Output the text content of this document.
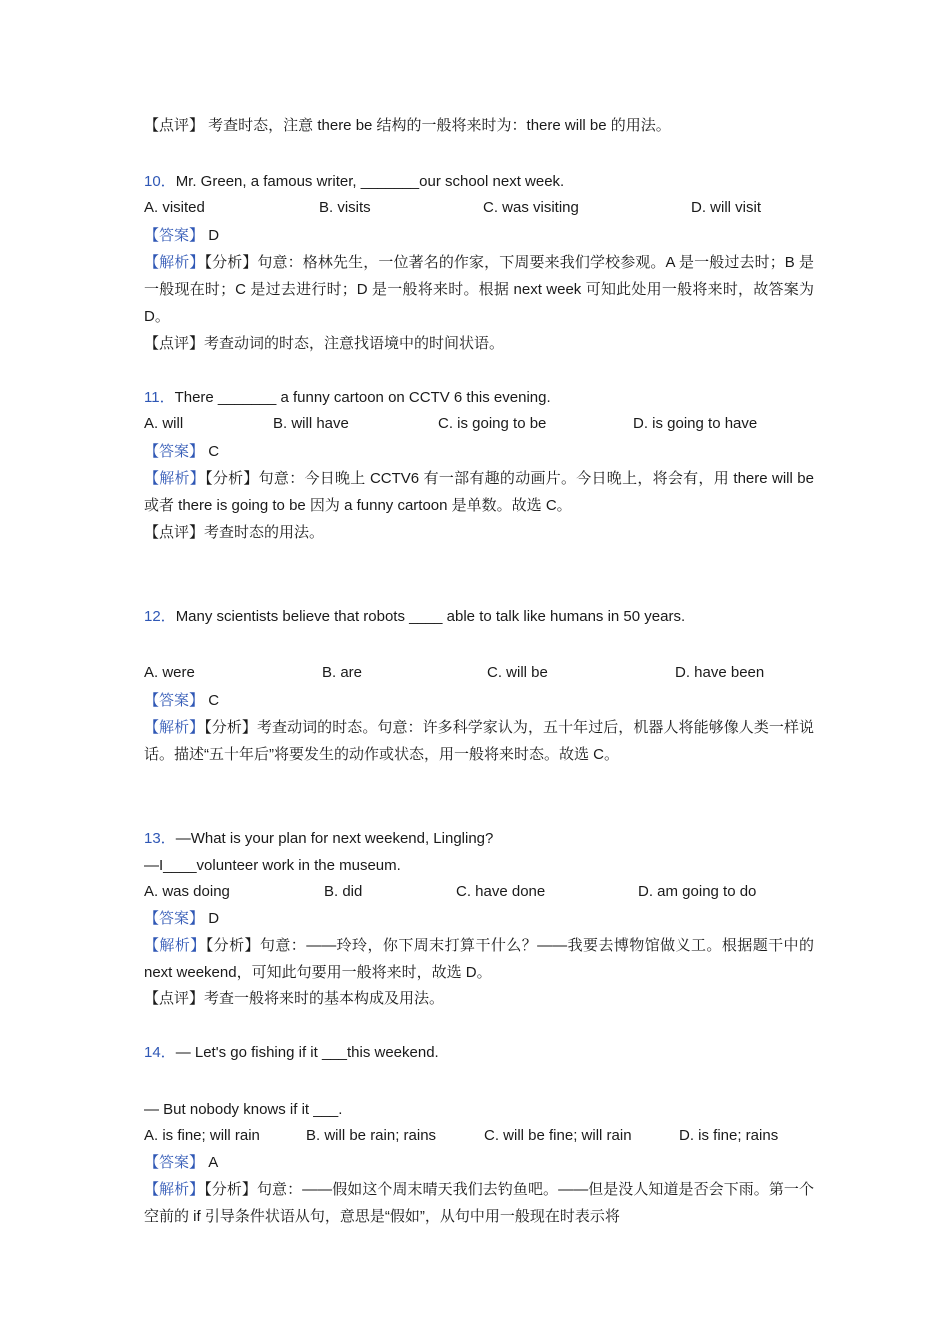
【点评】 考查时态，注意 there be 结构的一般将来时为：there will be 的用法。
10．Mr. Green, a famous writer, _______our school next week.
A. visited	B. visits	C. was visiting	D. will visit
【答案】 D
【解析】【分析】句意：格林先生，一位著名的作家，下周要来我们学校参观。A 是一般过去时；B 是一般现在时；C 是过去进行时；D 是一般将来时。根据 next week 可知此处用一般将来时，故答案为 D。
【点评】考查动词的时态，注意找语境中的时间状语。
11．There _______ a funny cartoon on CCTV 6 this evening.
A. will	B. will have	C. is going to be	D. is going to have
【答案】 C
【解析】【分析】句意：今日晚上 CCTV6 有一部有趣的动画片。今日晚上，将会有，用 there will be 或者 there is going to be 因为 a funny cartoon 是单数。故选 C。
【点评】考查时态的用法。
12．Many scientists believe that robots ____ able to talk like humans in 50 years.
A. were	B. are	C. will be	D. have been
【答案】 C
【解析】【分析】考查动词的时态。句意：许多科学家认为，五十年过后，机器人将能够像人类一样说话。描述“五十年后”将要发生的动作或状态，用一般将来时态。故选 C。
13．—What is your plan for next weekend, Lingling?
—I____volunteer work in the museum.
A. was doing	B. did	C. have done	D. am going to do
【答案】 D
【解析】【分析】句意：——玲玲，你下周末打算干什么？——我要去博物馆做义工。根据题干中的 next weekend，可知此句要用一般将来时，故选 D。
【点评】考查一般将来时的基本构成及用法。
14．— Let's go fishing if it ___this weekend.
— But nobody knows if it ___.
A. is fine; will rain	B. will be rain; rains	C. will be fine; will rain	D. is fine; rains
【答案】 A
【解析】【分析】句意：——假如这个周末晴天我们去钓鱼吧。——但是没人知道是否会下雨。第一个空前的 if 引导条件状语从句，意思是“假如”，从句中用一般现在时表示将
